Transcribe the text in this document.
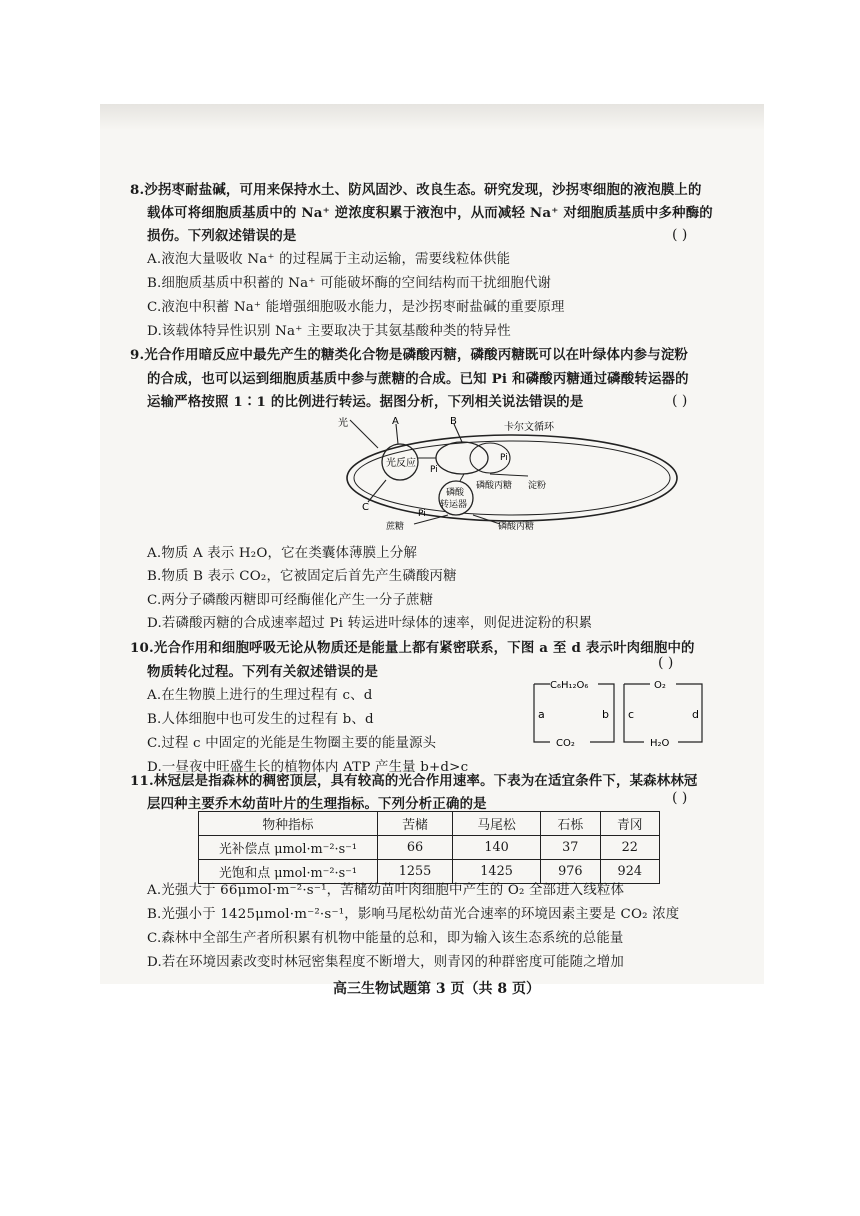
8.沙拐枣耐盐碱，可用来保持水土、防风固沙、改良生态。研究发现，沙拐枣细胞的液泡膜上的
载体可将细胞质基质中的 Na⁺ 逆浓度积累于液泡中，从而减轻 Na⁺ 对细胞质基质中多种酶的
损伤。下列叙述错误的是	( )
A.液泡大量吸收 Na⁺ 的过程属于主动运输，需要线粒体供能
B.细胞质基质中积蓄的 Na⁺ 可能破坏酶的空间结构而干扰细胞代谢
C.液泡中积蓄 Na⁺ 能增强细胞吸水能力，是沙拐枣耐盐碱的重要原理
D.该载体特异性识别 Na⁺ 主要取决于其氨基酸种类的特异性
9.光合作用暗反应中最先产生的糖类化合物是磷酸丙糖，磷酸丙糖既可以在叶绿体内参与淀粉
的合成，也可以运到细胞质基质中参与蔗糖的合成。已知 Pi 和磷酸丙糖通过磷酸转运器的
运输严格按照 1∶1 的比例进行转运。据图分析，下列相关说法错误的是	( )
光反应
磷酸
转运器
光	A	B
C
卡尔文循环
Pi
Pi
Pi
磷酸丙糖 淀粉
蔗糖	磷酸丙糖
A.物质 A 表示 H₂O，它在类囊体薄膜上分解
B.物质 B 表示 CO₂，它被固定后首先产生磷酸丙糖
C.两分子磷酸丙糖即可经酶催化产生一分子蔗糖
D.若磷酸丙糖的合成速率超过 Pi 转运进叶绿体的速率，则促进淀粉的积累
10.光合作用和细胞呼吸无论从物质还是能量上都有紧密联系，下图 a 至 d 表示叶肉细胞中的
物质转化过程。下列有关叙述错误的是
( )
A.在生物膜上进行的生理过程有 c、d
B.人体细胞中也可发生的过程有 b、d
C.过程 c 中固定的光能是生物圈主要的能量源头
D.一昼夜中旺盛生长的植物体内 ATP 产生量 b+d>c
C₆H₁₂O₆
CO₂
O₂
H₂O
a	b c	d
11.林冠层是指森林的稠密顶层，具有较高的光合作用速率。下表为在适宜条件下，某森林林冠
层四种主要乔木幼苗叶片的生理指标。下列分析正确的是	( )
物种指标	苦槠	马尾松	石栎	青冈
光补偿点 μmol·m⁻²·s⁻¹	66	140	37	22
光饱和点 μmol·m⁻²·s⁻¹	1255	1425	976	924
A.光强大于 66μmol·m⁻²·s⁻¹，苦槠幼苗叶肉细胞中产生的 O₂ 全部进入线粒体
B.光强小于 1425μmol·m⁻²·s⁻¹，影响马尾松幼苗光合速率的环境因素主要是 CO₂ 浓度
C.森林中全部生产者所积累有机物中能量的总和，即为输入该生态系统的总能量
D.若在环境因素改变时林冠密集程度不断增大，则青冈的种群密度可能随之增加
高三生物试题第 3 页（共 8 页）
